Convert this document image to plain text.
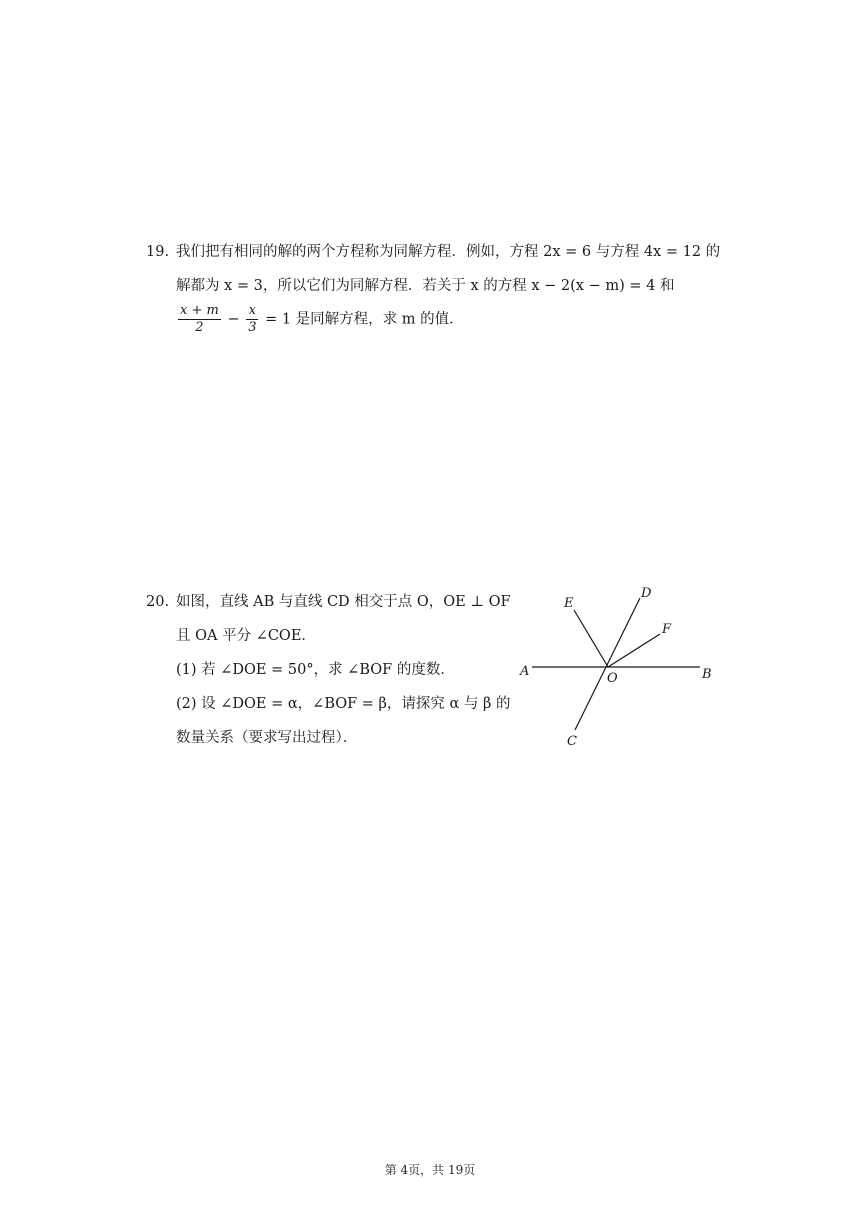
19. 我们把有相同的解的两个方程称为同解方程．例如，方程 2x = 6 与方程 4x = 12 的
解都为 x = 3，所以它们为同解方程．若关于 x 的方程 x − 2(x − m) = 4 和
$\frac{x + m}{2} - \frac{x}{3} = 1$ 是同解方程，求 m 的值．
20. 如图，直线 AB 与直线 CD 相交于点 O，OE ⊥ OF
且 OA 平分 ∠COE．
(1) 若 ∠DOE = 50°，求 ∠BOF 的度数．
(2) 设 ∠DOE = α，∠BOF = β，请探究 α 与 β 的
数量关系（要求写出过程）．
A	B
C
D
E
F
O
第 4页，共 19页
